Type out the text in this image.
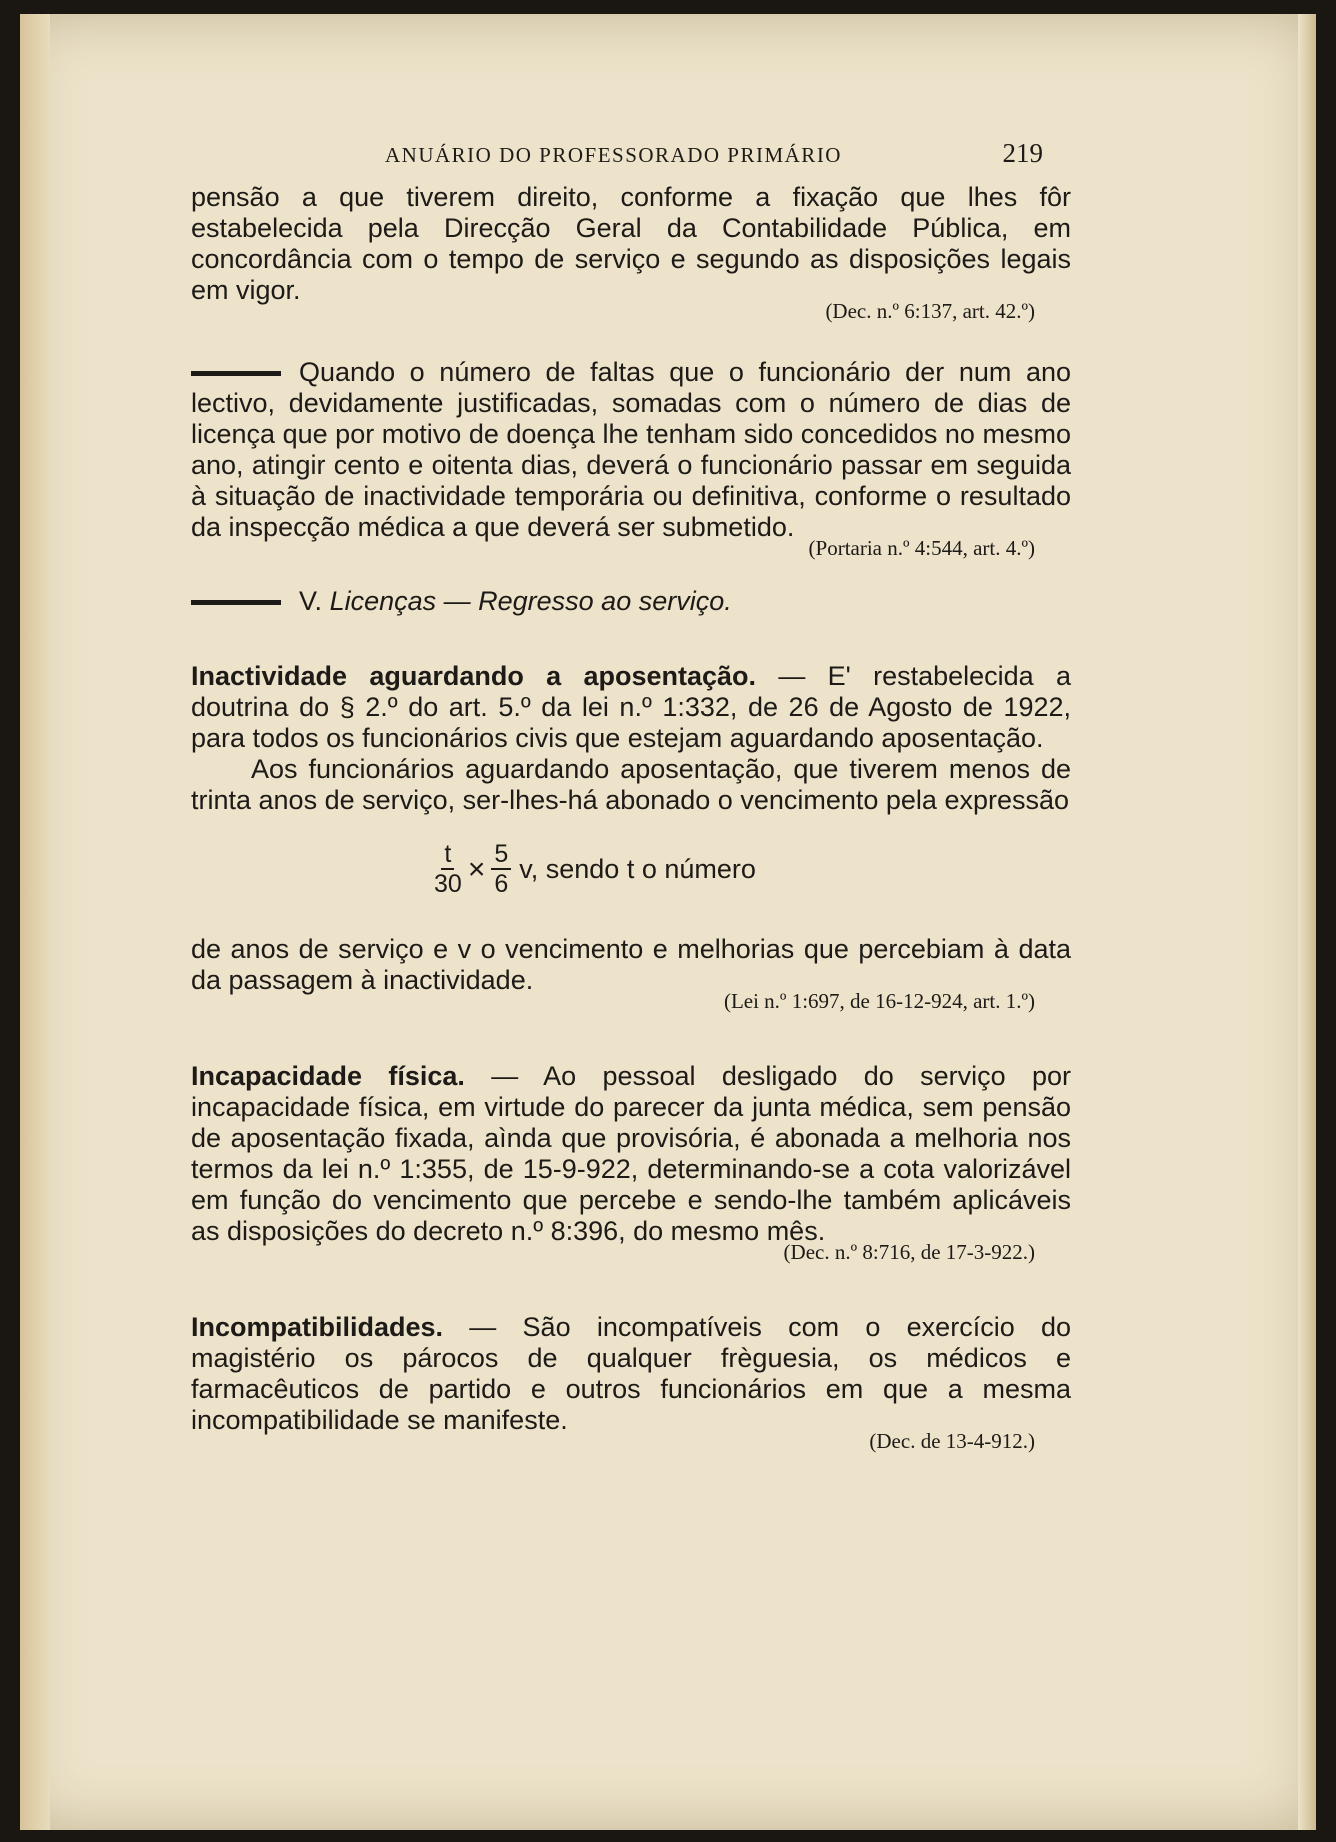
ANUÁRIO DO PROFESSORADO PRIMÁRIO	219

pensão a que tiverem direito, conforme a fixação que lhes fôr estabelecida pela Direcção Geral da Contabilidade Pública, em concordância com o tempo de serviço e segundo as disposições legais em vigor.

(Dec. n.º 6:137, art. 42.º)

Quando o número de faltas que o funcionário der num ano lectivo, devidamente justificadas, somadas com o número de dias de licença que por motivo de doença lhe tenham sido concedidos no mesmo ano, atingir cento e oitenta dias, deverá o funcionário passar em seguida à situação de inactividade temporária ou definitiva, conforme o resultado da inspecção médica a que deverá ser submetido.

(Portaria n.º 4:544, art. 4.º)

V. Licenças — Regresso ao serviço.

Inactividade aguardando a aposentação. — E' restabelecida a doutrina do § 2.º do art. 5.º da lei n.º 1:332, de 26 de Agosto de 1922, para todos os funcionários civis que estejam aguardando aposentação.

Aos funcionários aguardando aposentação, que tiverem menos de trinta anos de serviço, ser-lhes-há abonado o vencimento pela expressão

$\frac{t}{30} \times \frac{5}{6} v$, sendo t o número

de anos de serviço e v o vencimento e melhorias que percebiam à data da passagem à inactividade.

(Lei n.º 1:697, de 16-12-924, art. 1.º)

Incapacidade física. — Ao pessoal desligado do serviço por incapacidade física, em virtude do parecer da junta médica, sem pensão de aposentação fixada, aìnda que provisória, é abonada a melhoria nos termos da lei n.º 1:355, de 15-9-922, determinando-se a cota valorizável em função do vencimento que percebe e sendo-lhe também aplicáveis as disposições do decreto n.º 8:396, do mesmo mês.

(Dec. n.º 8:716, de 17-3-922.)

Incompatibilidades. — São incompatíveis com o exercício do magistério os párocos de qualquer frèguesia, os médicos e farmacêuticos de partido e outros funcionários em que a mesma incompatibilidade se manifeste.

(Dec. de 13-4-912.)
